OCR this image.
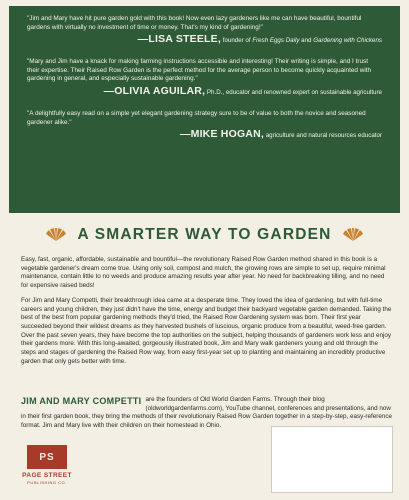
"Jim and Mary have hit pure garden gold with this book! Now even lazy gardeners like me can have beautiful, bountiful gardens with virtually no investment of time or money. That's my kind of gardening!"

—LISA STEELE, founder of Fresh Eggs Daily and Gardening with Chickens

"Mary and Jim have a knack for making farming instructions accessible and interesting! Their writing is simple, and I trust their expertise. Their Raised Row Garden is the perfect method for the average person to become quickly acquainted with gardening in general, and especially sustainable gardening."

—OLIVIA AGUILAR, Ph.D., educator and renowned expert on sustainable agriculture

"A delightfully easy read on a simple yet elegant gardening strategy sure to be of value to both the novice and seasoned gardener alike."

—MIKE HOGAN, agriculture and natural resources educator
A SMARTER WAY TO GARDEN

Easy, fast, organic, affordable, sustainable and bountiful—the revolutionary Raised Row Garden method shared in this book is a vegetable gardener's dream come true. Using only soil, compost and mulch, the growing rows are simple to set up, require minimal maintenance, contain little to no weeds and produce amazing results year after year. No need for backbreaking tilling, and no need for expensive raised beds!

For Jim and Mary Competti, their breakthrough idea came at a desperate time. They loved the idea of gardening, but with full-time careers and young children, they just didn't have the time, energy and budget their backyard vegetable garden demanded. Taking the best of the best from popular gardening methods they'd tried, the Raised Row Gardening system was born. Their first year succeeded beyond their wildest dreams as they harvested bushels of luscious, organic produce from a beautiful, weed-free garden. Over the past seven years, they have become the top authorities on the subject, helping thousands of gardeners work less and enjoy their gardens more. With this long-awaited, gorgeously illustrated book, Jim and Mary walk gardeners young and old through the steps and stages of gardening the Raised Row way, from easy first-year set up to planting and maintaining an incredibly productive garden that only gets better with time.

JIM AND MARY COMPETTI are the founders of Old World Garden Farms. Through their blog (oldworldgardenfarms.com), YouTube channel, conferences and presentations, and now in their first garden book, they bring the methods of their revolutionary Raised Row Garden together in a step-by-step, easy-reference format. Jim and Mary live with their children on their homestead in Ohio.
PS
PAGE STREET
PUBLISHING CO.
